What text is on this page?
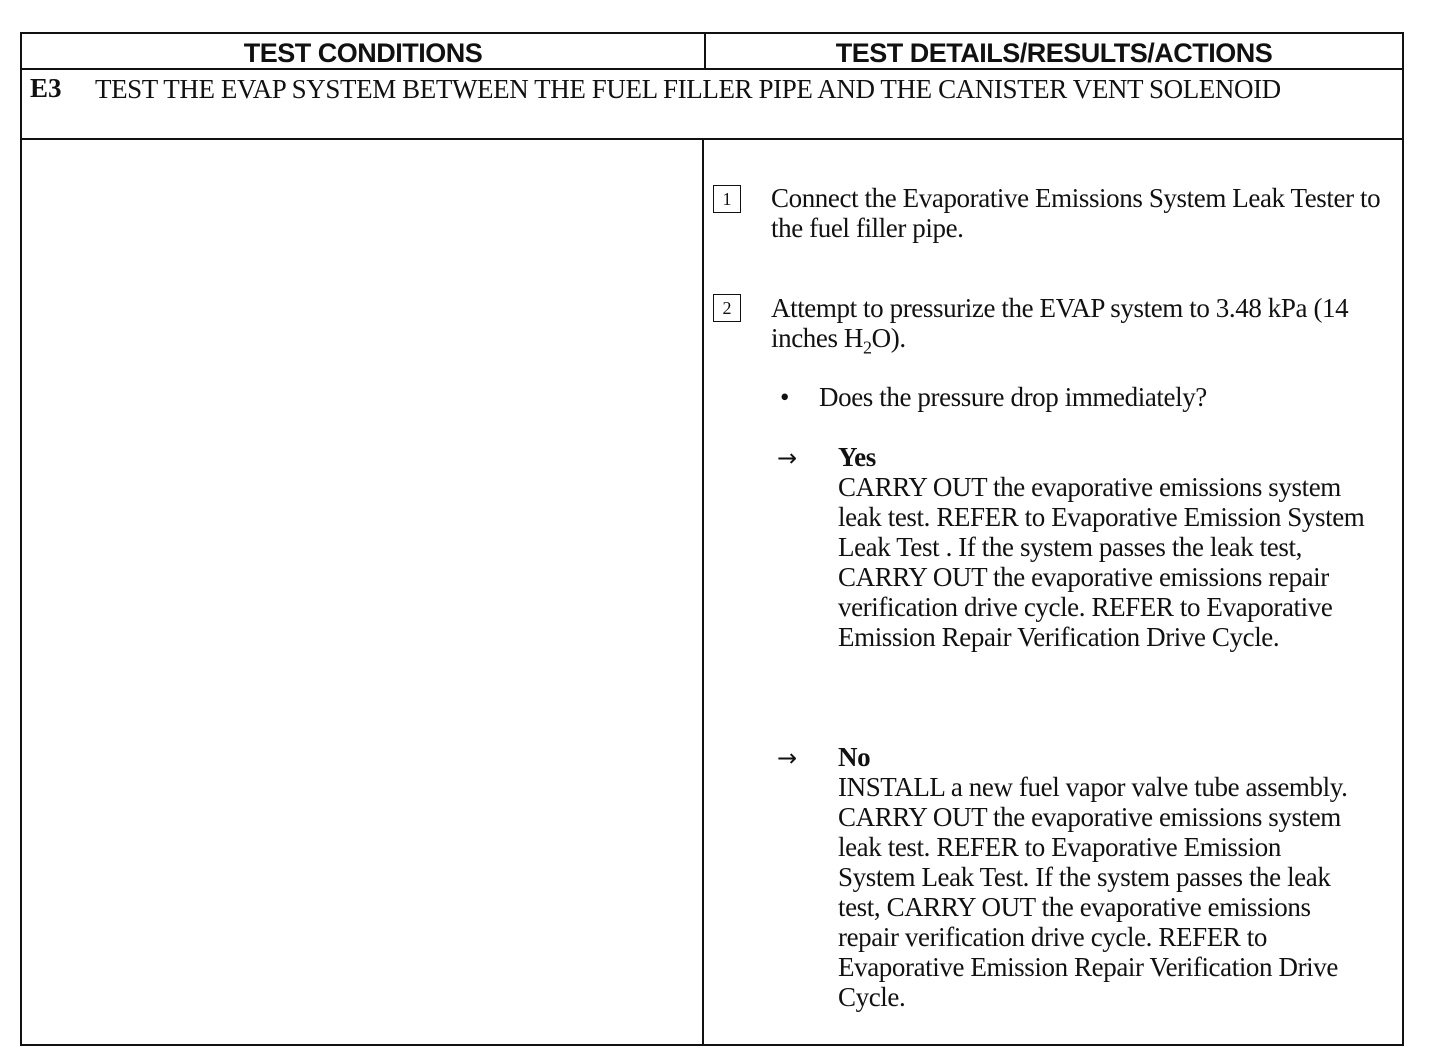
TEST CONDITIONS	TEST DETAILS/RESULTS/ACTIONS
E3 TEST THE EVAP SYSTEM BETWEEN THE FUEL FILLER PIPE AND THE CANISTER VENT SOLENOID
1	Connect the Evaporative Emissions System Leak Tester to the fuel filler pipe.
2	Attempt to pressurize the EVAP system to 3.48 kPa (14 inches $H_2O$).
• Does the pressure drop immediately?
→ Yes
CARRY OUT the evaporative emissions system leak test. REFER to Evaporative Emission System Leak Test . If the system passes the leak test, CARRY OUT the evaporative emissions repair verification drive cycle. REFER to Evaporative Emission Repair Verification Drive Cycle.
→ No
INSTALL a new fuel vapor valve tube assembly. CARRY OUT the evaporative emissions system leak test. REFER to Evaporative Emission System Leak Test. If the system passes the leak test, CARRY OUT the evaporative emissions repair verification drive cycle. REFER to Evaporative Emission Repair Verification Drive Cycle.
